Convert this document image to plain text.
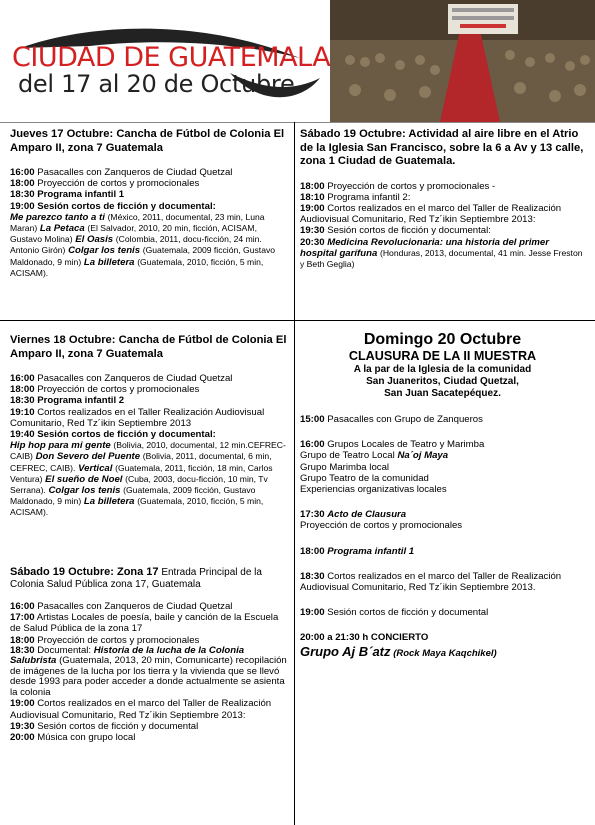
CIUDAD DE GUATEMALA
del 17 al 20 de Octubre
Jueves 17 Octubre: Cancha de Fútbol de Colonia El Amparo II, zona 7 Guatemala
16:00 Pasacalles con Zanqueros de Ciudad Quetzal
18:00 Proyección de cortos y promocionales
18:30 Programa infantil 1
19:00 Sesión cortos de ficción y documental:
Me parezco tanto a ti (México, 2011, documental, 23 min, Luna Maran) La Petaca (El Salvador, 2010, 20 min, ficción, ACISAM, Gustavo Molina) El Oasis (Colombia, 2011, docu-ficción, 24 min. Antonio Girón) Colgar los tenis (Guatemala, 2009 ficción, Gustavo Maldonado, 9 min) La billetera (Guatemala, 2010, ficción, 5 min, ACISAM).
Sábado 19 Octubre: Actividad al aire libre en el Atrio de la Iglesia San Francisco, sobre la 6 a Av y 13 calle, zona 1 Ciudad de Guatemala.
18:00 Proyección de cortos y promocionales -
18:10 Programa infantil 2:
19:00 Cortos realizados en el marco del Taller de Realización Audiovisual Comunitario, Red Tz´ikin Septiembre 2013:
19:30 Sesión cortos de ficción y documental:
20:30 Medicina Revolucionaria: una historia del primer hospital garífuna (Honduras, 2013, documental, 41 min. Jesse Freston y Beth Geglia)
Viernes 18 Octubre: Cancha de Fútbol de Colonia El Amparo II, zona 7 Guatemala
16:00 Pasacalles con Zanqueros de Ciudad Quetzal
18:00 Proyección de cortos y promocionales
18:30 Programa infantil 2
19:10 Cortos realizados en el Taller Realización Audiovisual Comunitario, Red Tz´ikin Septiembre 2013
19:40 Sesión cortos de ficción y documental:
Hip hop para mi gente (Bolivia, 2010, documental, 12 min.CEFREC-CAIB) Don Severo del Puente (Bolivia, 2011, documental, 6 min, CEFREC, CAIB). Vertical (Guatemala, 2011, ficción, 18 min, Carlos Ventura) El sueño de Noel (Cuba, 2003, docu-ficción, 10 min, Tv Serrana). Colgar los tenis (Guatemala, 2009 ficción, Gustavo Maldonado, 9 min) La billetera (Guatemala, 2010, ficción, 5 min, ACISAM).
Sábado 19 Octubre: Zona 17 Entrada Principal de la Colonia Salud Pública zona 17, Guatemala
16:00 Pasacalles con Zanqueros de Ciudad Quetzal
17:00 Artistas Locales de poesía, baile y canción de la Escuela de Salud Pública de la zona 17
18:00 Proyección de cortos y promocionales
18:30 Documental: Historia de la lucha de la Colonia Salubrista (Guatemala, 2013, 20 min, Comunicarte) recopilación de imágenes de la lucha por los tierra y la vivienda que se llevó desde 1993 para poder acceder a donde actualmente se asienta la colonia
19:00 Cortos realizados en el marco del Taller de Realización Audiovisual Comunitario, Red Tz´ikin Septiembre 2013:
19:30 Sesión cortos de ficción y documental
20:00 Música con grupo local
Domingo 20 Octubre
CLAUSURA DE LA II MUESTRA
A la par de la Iglesia de la comunidad
San Juaneritos, Ciudad Quetzal,
San Juan Sacatepéquez.
15:00 Pasacalles con Grupo de Zanqueros
16:00 Grupos Locales de Teatro y Marimba
Grupo de Teatro Local Na´oj Maya
Grupo Marimba local
Grupo Teatro de la comunidad
Experiencias organizativas locales
17:30 Acto de Clausura
Proyección de cortos y promocionales
18:00 Programa infantil 1
18:30 Cortos realizados en el marco del Taller de Realización Audiovisual Comunitario, Red Tz´ikin Septiembre 2013.
19:00 Sesión cortos de ficción y documental
20:00 a 21:30 h CONCIERTO
Grupo Aj B´atz (Rock Maya Kaqchikel)
